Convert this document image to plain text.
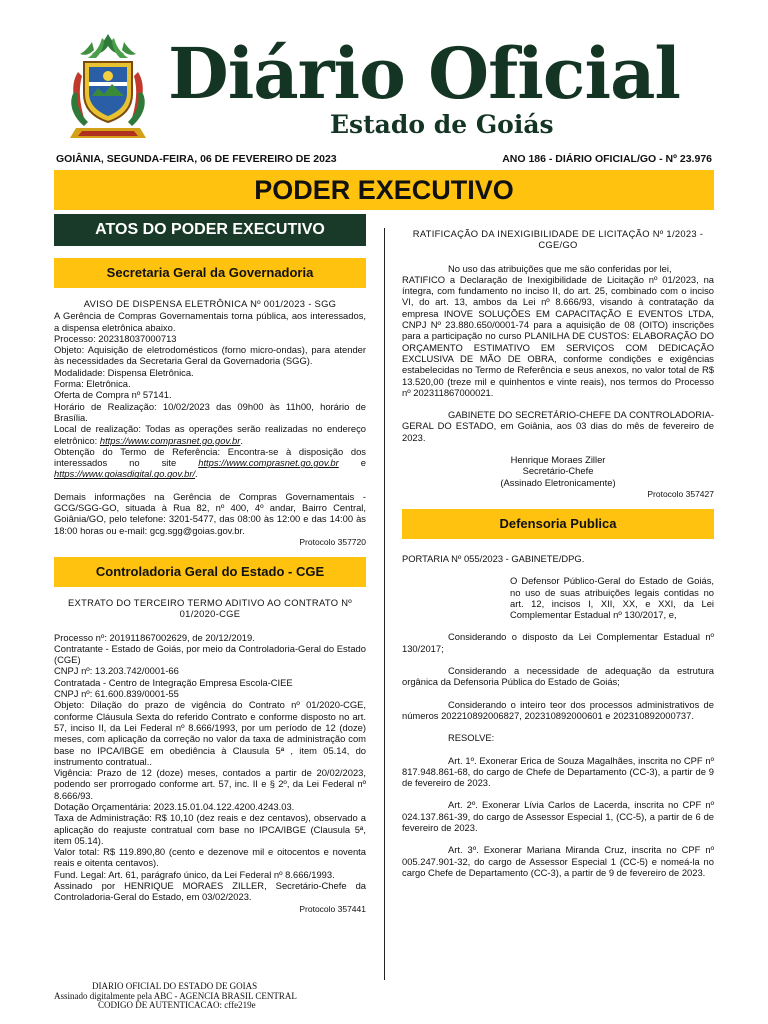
Diário Oficial
Estado de Goiás
GOIÂNIA, SEGUNDA-FEIRA, 06 DE FEVEREIRO DE 2023	ANO 186 - DIÁRIO OFICIAL/GO - Nº 23.976
PODER EXECUTIVO
ATOS DO PODER EXECUTIVO
Secretaria Geral da Governadoria
AVISO DE DISPENSA ELETRÔNICA Nº 001/2023 - SGG
A Gerência de Compras Governamentais torna pública, aos interessados, a dispensa eletrônica abaixo.
Processo: 202318037000713
Objeto: Aquisição de eletrodomésticos (forno micro-ondas), para atender às necessidades da Secretaria Geral da Governadoria (SGG).
Modalidade: Dispensa Eletrônica.
Forma: Eletrônica.
Oferta de Compra nº 57141.
Horário de Realização: 10/02/2023 das 09h00 às 11h00, horário de Brasília.
Local de realização: Todas as operações serão realizadas no endereço eletrônico: https://www.comprasnet.go.gov.br.
Obtenção do Termo de Referência: Encontra-se à disposição dos interessados no site https://www.comprasnet.go.gov.br e https://www.goiasdigital.go.gov.br/.
Demais informações na Gerência de Compras Governamentais - GCG/SGG-GO, situada à Rua 82, nº 400, 4º andar, Bairro Central, Goiânia/GO, pelo telefone: 3201-5477, das 08:00 às 12:00 e das 14:00 às 18:00 horas ou e-mail: gcg.sgg@goias.gov.br.
Protocolo 357720
Controladoria Geral do Estado - CGE
EXTRATO DO TERCEIRO TERMO ADITIVO AO CONTRATO Nº 01/2020-CGE
Processo nº: 201911867002629, de 20/12/2019.
Contratante - Estado de Goiás, por meio da Controladoria-Geral do Estado (CGE)
CNPJ nº: 13.203.742/0001-66
Contratada - Centro de Integração Empresa Escola-CIEE
CNPJ nº: 61.600.839/0001-55
Objeto: Dilação do prazo de vigência do Contrato nº 01/2020-CGE, conforme Cláusula Sexta do referido Contrato e conforme disposto no art. 57, inciso II, da Lei Federal nº 8.666/1993, por um período de 12 (doze) meses, com aplicação da correção no valor da taxa de administração com base no IPCA/IBGE em obediência à Clausula 5ª , item 05.14, do instrumento contratual..
Vigência: Prazo de 12 (doze) meses, contados a partir de 20/02/2023, podendo ser prorrogado conforme art. 57, inc. II e § 2º, da Lei Federal nº 8.666/93.
Dotação Orçamentária: 2023.15.01.04.122.4200.4243.03.
Taxa de Administração: R$ 10,10 (dez reais e dez centavos), observado a aplicação do reajuste contratual com base no IPCA/IBGE (Clausula 5ª, item 05.14).
Valor total: R$ 119.890,80 (cento e dezenove mil e oitocentos e noventa reais e oitenta centavos).
Fund. Legal: Art. 61, parágrafo único, da Lei Federal nº 8.666/1993.
Assinado por HENRIQUE MORAES ZILLER, Secretário-Chefe da Controladoria-Geral do Estado, em 03/02/2023.
Protocolo 357441
RATIFICAÇÃO DA INEXIGIBILIDADE DE LICITAÇÃO Nº 1/2023 - CGE/GO
No uso das atribuições que me são conferidas por lei,
RATIFICO a Declaração de Inexigibilidade de Licitação nº 01/2023, na íntegra, com fundamento no inciso II, do art. 25, combinado com o inciso VI, do art. 13, ambos da Lei nº 8.666/93, visando à contratação da empresa INOVE SOLUÇÕES EM CAPACITAÇÃO E EVENTOS LTDA, CNPJ Nº 23.880.650/0001-74 para a aquisição de 08 (OITO) inscrições para a participação no curso PLANILHA DE CUSTOS: ELABORAÇÃO DO ORÇAMENTO ESTIMATIVO EM SERVIÇOS COM DEDICAÇÃO EXCLUSIVA DE MÃO DE OBRA, conforme condições e exigências estabelecidas no Termo de Referência e seus anexos, no valor total de R$ 13.520,00 (treze mil e quinhentos e vinte reais), nos termos do Processo nº 202311867000021.
GABINETE DO SECRETÁRIO-CHEFE DA CONTROLADORIA-GERAL DO ESTADO, em Goiânia, aos 03 dias do mês de fevereiro de 2023.
Henrique Moraes Ziller
Secretário-Chefe
(Assinado Eletronicamente)
Protocolo 357427
Defensoria Publica
PORTARIA Nº 055/2023 - GABINETE/DPG.
O Defensor Público-Geral do Estado de Goiás, no uso de suas atribuições legais contidas no art. 12, incisos I, XII, XX, e XXI, da Lei Complementar Estadual nº 130/2017, e,
Considerando o disposto da Lei Complementar Estadual nº 130/2017;
Considerando a necessidade de adequação da estrutura orgânica da Defensoria Pública do Estado de Goiás;
Considerando o inteiro teor dos processos administrativos de números 202210892006827, 202310892000601 e 202310892000737.
RESOLVE:
Art. 1º. Exonerar Erica de Souza Magalhães, inscrita no CPF nº 817.948.861-68, do cargo de Chefe de Departamento (CC-3), a partir de 9 de fevereiro de 2023.
Art. 2º. Exonerar Lívia Carlos de Lacerda, inscrita no CPF nº 024.137.861-39, do cargo de Assessor Especial 1, (CC-5), a partir de 6 de fevereiro de 2023.
Art. 3º. Exonerar Mariana Miranda Cruz, inscrita no CPF nº 005.247.901-32, do cargo de Assessor Especial 1 (CC-5) e nomeá-la no cargo Chefe de Departamento (CC-3), a partir de 9 de fevereiro de 2023.
DIARIO OFICIAL DO ESTADO DE GOIAS
Assinado digitalmente pela ABC - AGENCIA BRASIL CENTRAL
CODIGO DE AUTENTICACAO: cffe219e
